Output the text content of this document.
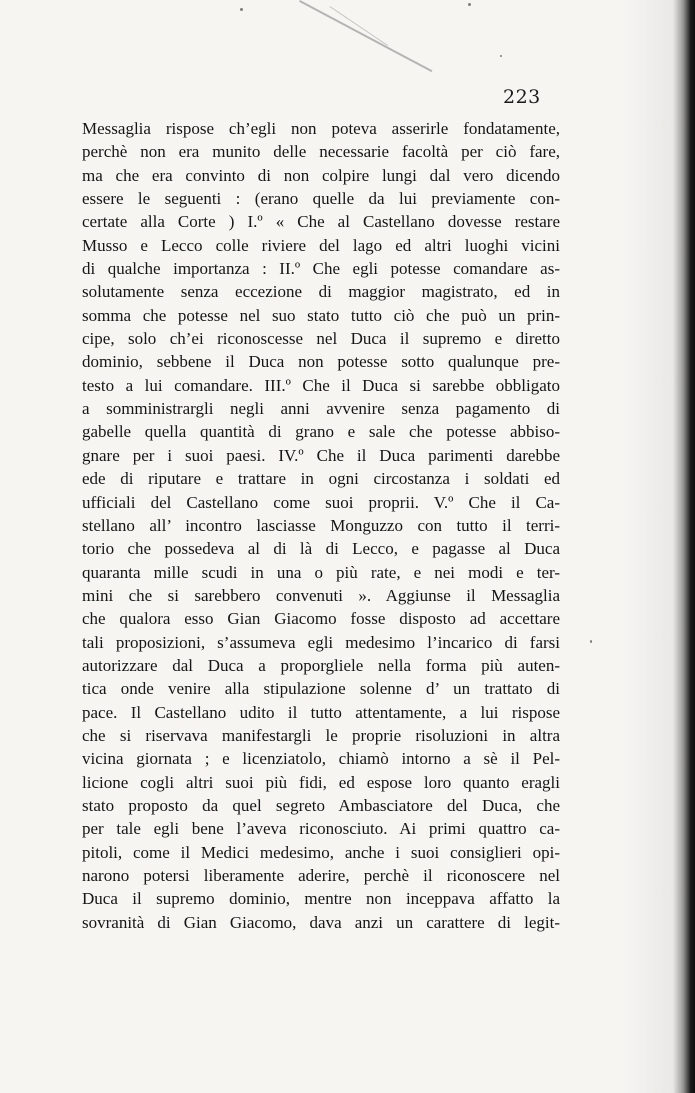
223
Messaglia rispose ch’egli non poteva asserirle fondatamente,
perchè non era munito delle necessarie facoltà per ciò fare,
ma che era convinto di non colpire lungi dal vero dicendo
essere le seguenti : (erano quelle da lui previamente con-
certate alla Corte ) I.º « Che al Castellano dovesse restare
Musso e Lecco colle riviere del lago ed altri luoghi vicini
di qualche importanza : II.º Che egli potesse comandare as-
solutamente senza eccezione di maggior magistrato, ed in
somma che potesse nel suo stato tutto ciò che può un prin-
cipe, solo ch’ei riconoscesse nel Duca il supremo e diretto
dominio, sebbene il Duca non potesse sotto qualunque pre-
testo a lui comandare. III.º Che il Duca si sarebbe obbligato
a somministrargli negli anni avvenire senza pagamento di
gabelle quella quantità di grano e sale che potesse abbiso-
gnare per i suoi paesi. IV.º Che il Duca parimenti darebbe
ede di riputare e trattare in ogni circostanza i soldati ed
ufficiali del Castellano come suoi proprii. V.º Che il Ca-
stellano all’ incontro lasciasse Monguzzo con tutto il terri-
torio che possedeva al di là di Lecco, e pagasse al Duca
quaranta mille scudi in una o più rate, e nei modi e ter-
mini che si sarebbero convenuti ». Aggiunse il Messaglia
che qualora esso Gian Giacomo fosse disposto ad accettare
tali proposizioni, s’assumeva egli medesimo l’incarico di farsi
autorizzare dal Duca a proporgliele nella forma più auten-
tica onde venire alla stipulazione solenne d’ un trattato di
pace. Il Castellano udito il tutto attentamente, a lui rispose
che si riservava manifestargli le proprie risoluzioni in altra
vicina giornata ; e licenziatolo, chiamò intorno a sè il Pel-
licione cogli altri suoi più fidi, ed espose loro quanto eragli
stato proposto da quel segreto Ambasciatore del Duca, che
per tale egli bene l’aveva riconosciuto. Ai primi quattro ca-
pitoli, come il Medici medesimo, anche i suoi consiglieri opi-
narono potersi liberamente aderire, perchè il riconoscere nel
Duca il supremo dominio, mentre non inceppava affatto la
sovranità di Gian Giacomo, dava anzi un carattere di legit-
